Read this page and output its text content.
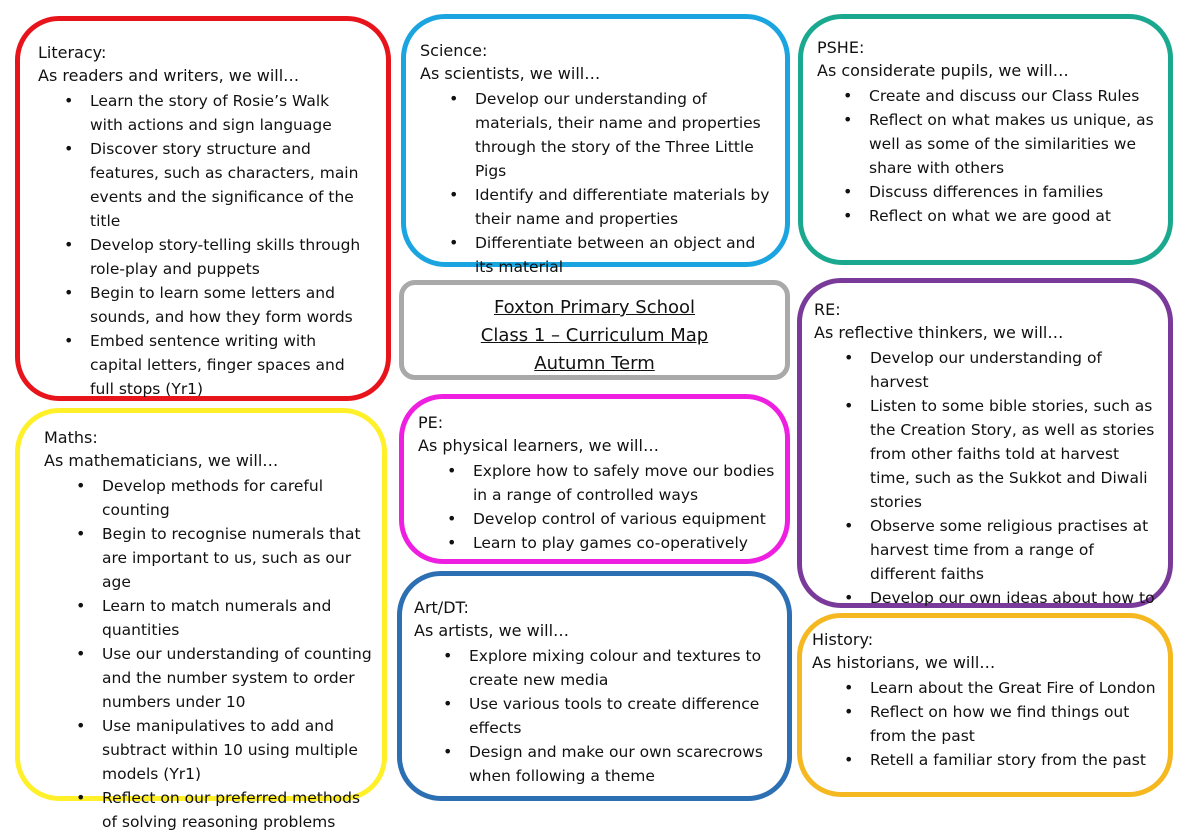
Literacy:
As readers and writers, we will…
• Learn the story of Rosie’s Walk with actions and sign language
• Discover story structure and features, such as characters, main events and the significance of the title
• Develop story-telling skills through role-play and puppets
• Begin to learn some letters and sounds, and how they form words
• Embed sentence writing with capital letters, finger spaces and full stops (Yr1)
Science:
As scientists, we will…
• Develop our understanding of materials, their name and properties through the story of the Three Little Pigs
• Identify and differentiate materials by their name and properties
• Differentiate between an object and its material
PSHE:
As considerate pupils, we will…
• Create and discuss our Class Rules
• Reflect on what makes us unique, as well as some of the similarities we share with others
• Discuss differences in families
• Reflect on what we are good at
Foxton Primary School
Class 1 – Curriculum Map
Autumn Term
RE:
As reflective thinkers, we will…
• Develop our understanding of harvest
• Listen to some bible stories, such as the Creation Story, as well as stories from other faiths told at harvest time, such as the Sukkot and Diwali stories
• Observe some religious practises at harvest time from a range of different faiths
• Develop our own ideas about how to
Maths:
As mathematicians, we will…
• Develop methods for careful counting
• Begin to recognise numerals that are important to us, such as our age
• Learn to match numerals and quantities
• Use our understanding of counting and the number system to order numbers under 10
• Use manipulatives to add and subtract within 10 using multiple models (Yr1)
• Reflect on our preferred methods of solving reasoning problems
PE:
As physical learners, we will…
• Explore how to safely move our bodies in a range of controlled ways
• Develop control of various equipment
• Learn to play games co-operatively
Art/DT:
As artists, we will…
• Explore mixing colour and textures to create new media
• Use various tools to create difference effects
• Design and make our own scarecrows when following a theme
History:
As historians, we will…
• Learn about the Great Fire of London
• Reflect on how we find things out from the past
• Retell a familiar story from the past
